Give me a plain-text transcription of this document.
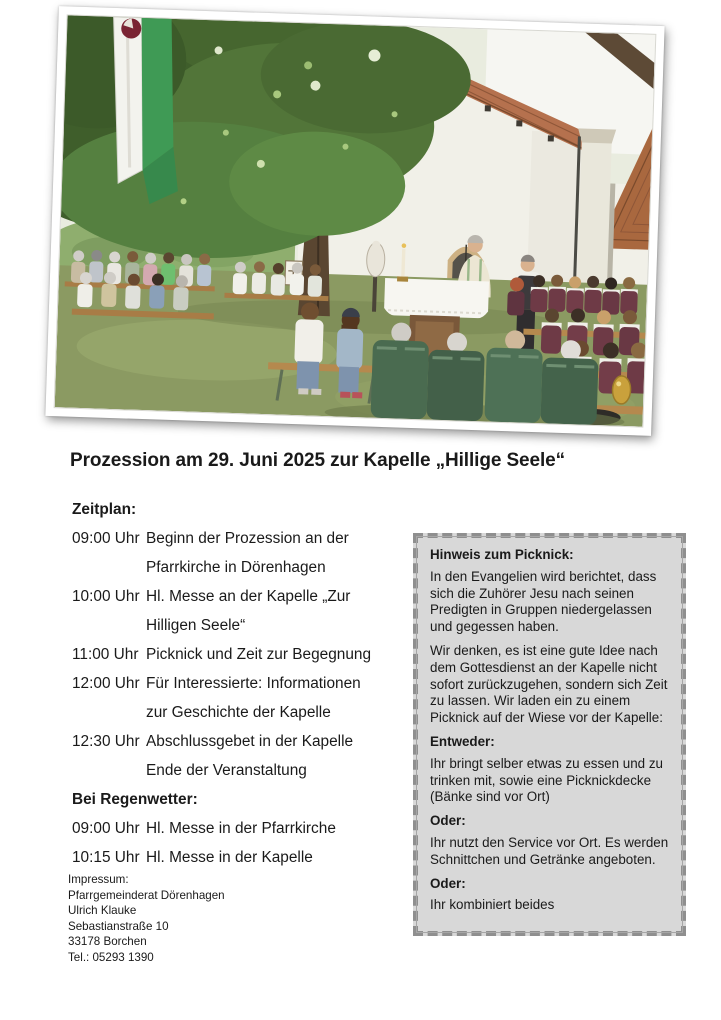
Prozession am 29. Juni 2025 zur Kapelle „Hillige Seele“
Zeitplan:
09:00 Uhr Beginn der Prozession an der
Pfarrkirche in Dörenhagen
10:00 Uhr Hl. Messe an der Kapelle „Zur
Hilligen Seele“
11:00 Uhr Picknick und Zeit zur Begegnung
12:00 Uhr Für Interessierte: Informationen
zur Geschichte der Kapelle
12:30 Uhr Abschlussgebet in der Kapelle
Ende der Veranstaltung
Bei Regenwetter:
09:00 Uhr Hl. Messe in der Pfarrkirche
10:15 Uhr Hl. Messe in der Kapelle
Hinweis zum Picknick:

In den Evangelien wird berichtet, dass sich die Zuhörer Jesu nach seinen Predigten in Gruppen niedergelassen und gegessen haben.

Wir denken, es ist eine gute Idee nach dem Gottesdienst an der Kapelle nicht sofort zurückzugehen, sondern sich Zeit zu lassen. Wir laden ein zu einem Picknick auf der Wiese vor der Kapelle:

Entweder:

Ihr bringt selber etwas zu essen und zu trinken mit, sowie eine Picknickdecke (Bänke sind vor Ort)

Oder:

Ihr nutzt den Service vor Ort. Es werden Schnittchen und Getränke angeboten.

Oder:

Ihr kombiniert beides

Impressum:
Pfarrgemeinderat Dörenhagen
Ulrich Klauke
Sebastianstraße 10
33178 Borchen
Tel.: 05293 1390
